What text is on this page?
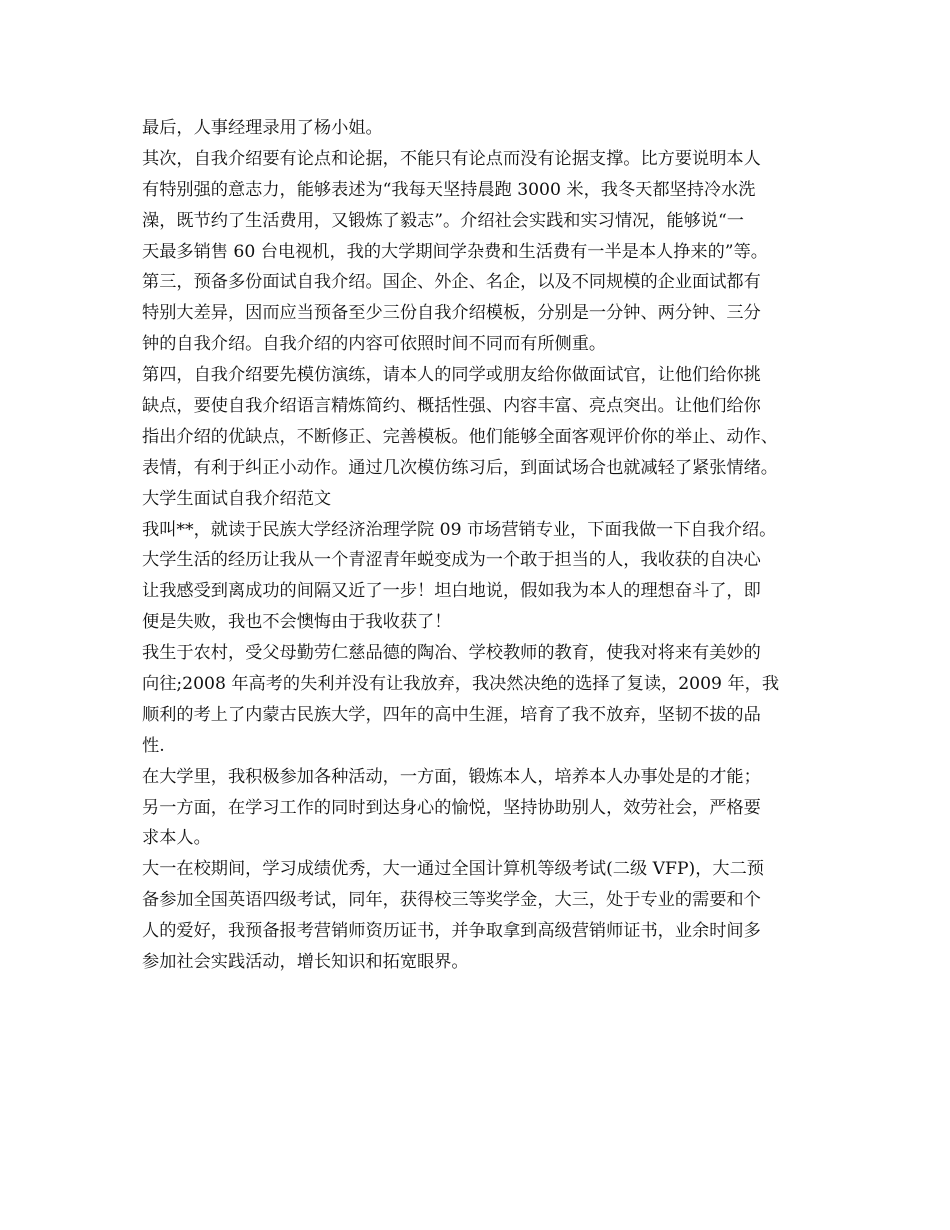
最后，人事经理录用了杨小姐。
其次，自我介绍要有论点和论据，不能只有论点而没有论据支撑。比方要说明本人
有特别强的意志力，能够表述为“我每天坚持晨跑 3000 米，我冬天都坚持冷水洗
澡，既节约了生活费用，又锻炼了毅志”。介绍社会实践和实习情况，能够说“一
天最多销售 60 台电视机，我的大学期间学杂费和生活费有一半是本人挣来的”等。
第三，预备多份面试自我介绍。国企、外企、名企，以及不同规模的企业面试都有
特别大差异，因而应当预备至少三份自我介绍模板，分别是一分钟、两分钟、三分
钟的自我介绍。自我介绍的内容可依照时间不同而有所侧重。
第四，自我介绍要先模仿演练，请本人的同学或朋友给你做面试官，让他们给你挑
缺点，要使自我介绍语言精炼简约、概括性强、内容丰富、亮点突出。让他们给你
指出介绍的优缺点，不断修正、完善模板。他们能够全面客观评价你的举止、动作、
表情，有利于纠正小动作。通过几次模仿练习后，到面试场合也就减轻了紧张情绪。
大学生面试自我介绍范文
我叫**，就读于民族大学经济治理学院 09 市场营销专业，下面我做一下自我介绍。
大学生活的经历让我从一个青涩青年蜕变成为一个敢于担当的人，我收获的自决心
让我感受到离成功的间隔又近了一步！坦白地说，假如我为本人的理想奋斗了，即
便是失败，我也不会懊悔由于我收获了！
我生于农村，受父母勤劳仁慈品德的陶冶、学校教师的教育，使我对将来有美妙的
向往;2008 年高考的失利并没有让我放弃，我决然决绝的选择了复读，2009 年，我
顺利的考上了内蒙古民族大学，四年的高中生涯，培育了我不放弃，坚韧不拔的品
性.
在大学里，我积极参加各种活动，一方面，锻炼本人，培养本人办事处是的才能；
另一方面，在学习工作的同时到达身心的愉悦，坚持协助别人，效劳社会，严格要
求本人。
大一在校期间，学习成绩优秀，大一通过全国计算机等级考试(二级 VFP)，大二预
备参加全国英语四级考试，同年，获得校三等奖学金，大三，处于专业的需要和个
人的爱好，我预备报考营销师资历证书，并争取拿到高级营销师证书，业余时间多
参加社会实践活动，增长知识和拓宽眼界。
